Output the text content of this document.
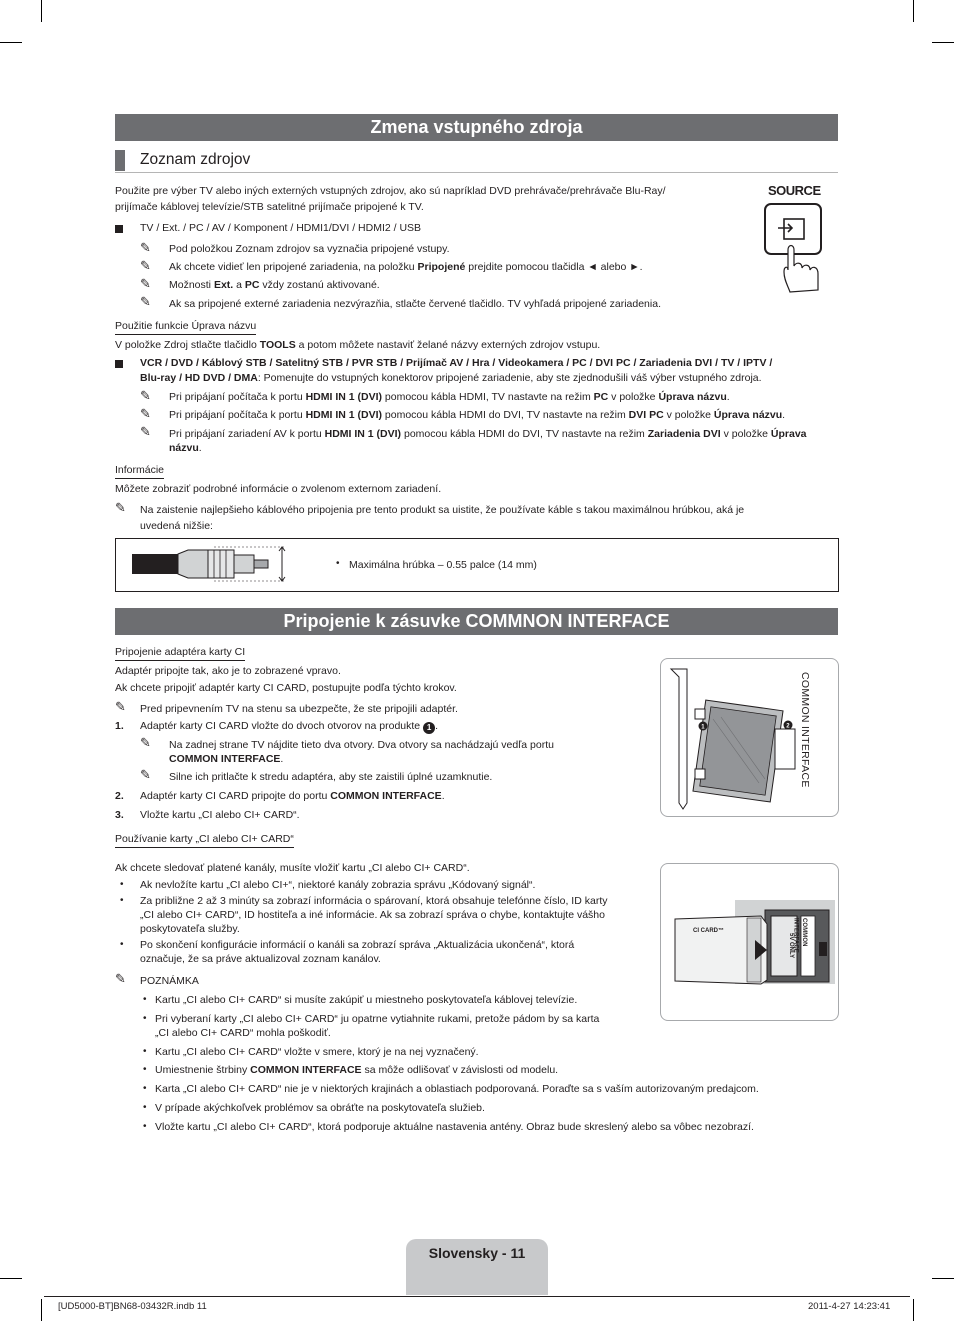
Zmena vstupného zdroja
Zoznam zdrojov
Použite pre výber TV alebo iných externých vstupných zdrojov, ako sú napríklad DVD prehrávače/prehrávače Blu-Ray/
prijímače káblovej televízie/STB satelitné prijímače pripojené k TV.
SOURCE
TV / Ext. / PC / AV / Komponent / HDMI1/DVI / HDMI2 / USB
✎ Pod položkou Zoznam zdrojov sa vyznačia pripojené vstupy.
✎ Ak chcete vidieť len pripojené zariadenia, na položku Pripojené prejdite pomocou tlačidla ◄ alebo ►.
✎ Možnosti Ext. a PC vždy zostanú aktivované.
✎ Ak sa pripojené externé zariadenia nezvýrazňia, stlačte červené tlačidlo. TV vyhľadá pripojené zariadenia.
Použitie funkcie Úprava názvu
V položke Zdroj stlačte tlačidlo TOOLS a potom môžete nastaviť želané názvy externých zdrojov vstupu.
VCR / DVD / Káblový STB / Satelitný STB / PVR STB / Prijímač AV / Hra / Videokamera / PC / DVI PC / Zariadenia DVI / TV / IPTV /
Blu-ray / HD DVD / DMA: Pomenujte do vstupných konektorov pripojené zariadenie, aby ste zjednodušili váš výber vstupného zdroja.
✎ Pri pripájaní počítača k portu HDMI IN 1 (DVI) pomocou kábla HDMI, TV nastavte na režim PC v položke Úprava názvu.
✎ Pri pripájaní počítača k portu HDMI IN 1 (DVI) pomocou kábla HDMI do DVI, TV nastavte na režim DVI PC v položke Úprava názvu.
✎ Pri pripájaní zariadení AV k portu HDMI IN 1 (DVI) pomocou kábla HDMI do DVI, TV nastavte na režim Zariadenia DVI v položke Úprava
názvu.
Informácie
Môžete zobraziť podrobné informácie o zvolenom externom zariadení.
✎ Na zaistenie najlepšieho káblového pripojenia pre tento produkt sa uistite, že používate káble s takou maximálnou hrúbkou, aká je
uvedená nižšie:
• Maximálna hrúbka – 0.55 palce (14 mm)
Pripojenie k zásuvke COMMNON INTERFACE
Pripojenie adaptéra karty CI
Adaptér pripojte tak, ako je to zobrazené vpravo.
Ak chcete pripojiť adaptér karty CI CARD, postupujte podľa týchto krokov.
✎ Pred pripevnením TV na stenu sa ubezpečte, že ste pripojili adaptér.
1. Adaptér karty CI CARD vložte do dvoch otvorov na produkte 1 .
✎ Na zadnej strane TV nájdite tieto dva otvory. Dva otvory sa nachádzajú vedľa portu
COMMON INTERFACE.
✎ Silne ich pritlačte k stredu adaptéra, aby ste zaistili úplné uzamknutie.
2. Adaptér karty CI CARD pripojte do portu COMMON INTERFACE.
3. Vložte kartu „CI alebo CI+ CARD“.
1	2 COMMON INTERFACE
Používanie karty „CI alebo CI+ CARD“
Ak chcete sledovať platené kanály, musíte vložiť kartu „CI alebo CI+ CARD“.
• Ak nevložíte kartu „CI alebo CI+“, niektoré kanály zobrazia správu „Kódovaný signál“.
• Za približne 2 až 3 minúty sa zobrazí informácia o spárovaní, ktorá obsahuje telefónne číslo, ID karty
„CI alebo CI+ CARD“, ID hostiteľa a iné informácie. Ak sa zobrazí správa o chybe, kontaktujte vášho
poskytovateľa služby.
• Po skončení konfigurácie informácií o kanáli sa zobrazí správa „Aktualizácia ukončená“, ktorá
označuje, že sa práve aktualizoval zoznam kanálov.
✎ POZNÁMKA
• Kartu „CI alebo CI+ CARD“ si musíte zakúpiť u miestneho poskytovateľa káblovej televízie.
• Pri vyberaní karty „CI alebo CI+ CARD“ ju opatrne vytiahnite rukami, pretože pádom by sa karta
„CI alebo CI+ CARD“ mohla poškodiť.
• Kartu „CI alebo CI+ CARD“ vložte v smere, ktorý je na nej vyznačený.
• Umiestnenie štrbiny COMMON INTERFACE sa môže odlišovať v závislosti od modelu.
• Karta „CI alebo CI+ CARD“ nie je v niektorých krajinách a oblastiach podporovaná. Poraďte sa s vaším autorizovaným predajcom.
• V prípade akýchkoľvek problémov sa obráťte na poskytovateľa služieb.
• Vložte kartu „CI alebo CI+ CARD“, ktorá podporuje aktuálne nastavenia antény. Obraz bude skreslený alebo sa vôbec nezobrazí.
CI CARD™	COMMON INTERFACE
5V ONLY
Slovensky - 11
[UD5000-BT]BN68-03432R.indb 11	2011-4-27 14:23:41
